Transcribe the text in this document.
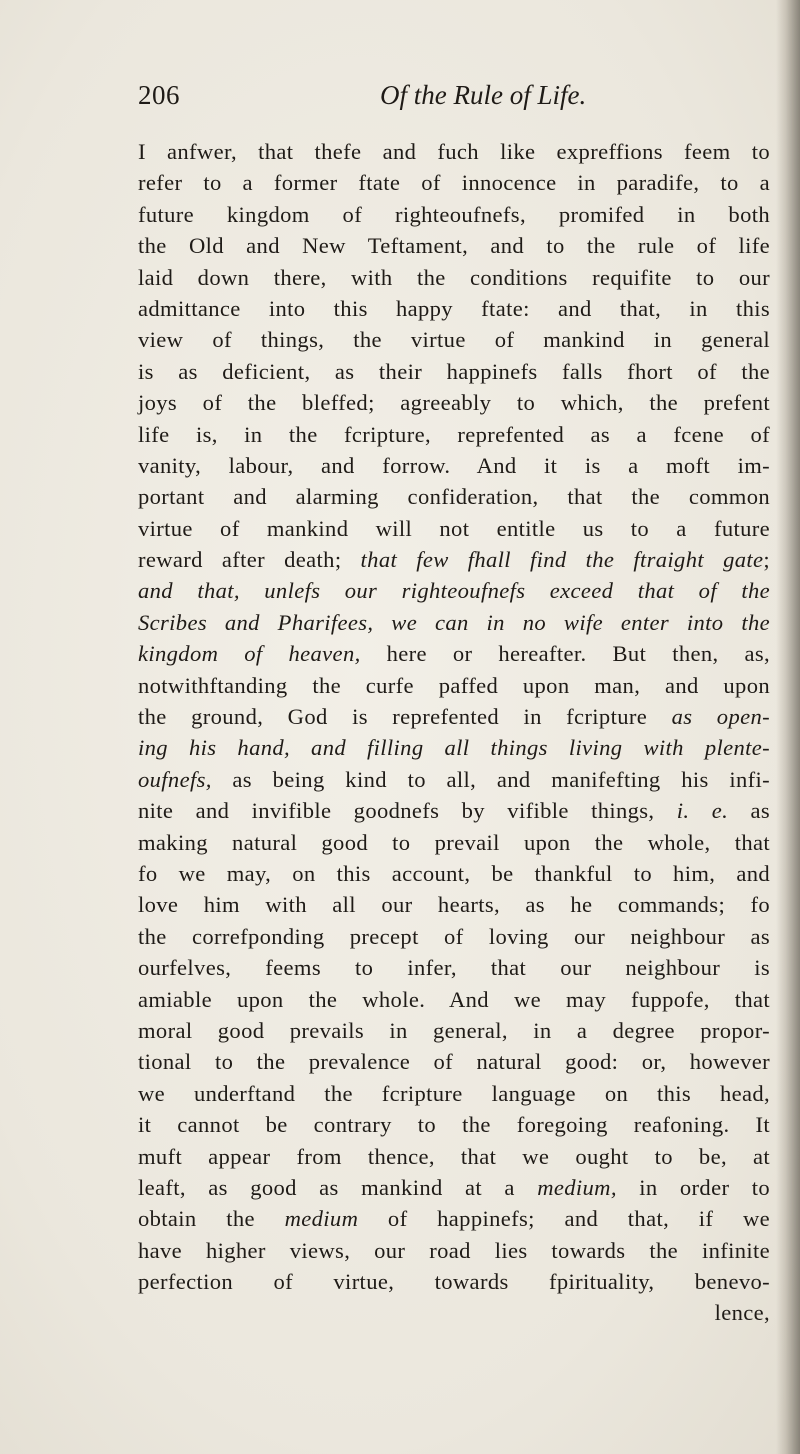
206	Of the Rule of Life.
I anfwer, that thefe and fuch like expreffions feem to
refer to a former ftate of innocence in paradife, to a
future kingdom of righteoufnefs, promifed in both
the Old and New Teftament, and to the rule of life
laid down there, with the conditions requifite to our
admittance into this happy ftate: and that, in this
view of things, the virtue of mankind in general
is as deficient, as their happinefs falls fhort of the
joys of the bleffed; agreeably to which, the prefent
life is, in the fcripture, reprefented as a fcene of
vanity, labour, and forrow. And it is a moft im-
portant and alarming confideration, that the common
virtue of mankind will not entitle us to a future
reward after death; that few fhall find the ftraight gate;
and that, unlefs our righteoufnefs exceed that of the
Scribes and Pharifees, we can in no wife enter into the
kingdom of heaven, here or hereafter. But then, as,
notwithftanding the curfe paffed upon man, and upon
the ground, God is reprefented in fcripture as open-
ing his hand, and filling all things living with plente-
oufnefs, as being kind to all, and manifefting his infi-
nite and invifible goodnefs by vifible things, i. e. as
making natural good to prevail upon the whole, that
fo we may, on this account, be thankful to him, and
love him with all our hearts, as he commands; fo
the correfponding precept of loving our neighbour as
ourfelves, feems to infer, that our neighbour is
amiable upon the whole. And we may fuppofe, that
moral good prevails in general, in a degree propor-
tional to the prevalence of natural good: or, however
we underftand the fcripture language on this head,
it cannot be contrary to the foregoing reafoning. It
muft appear from thence, that we ought to be, at
leaft, as good as mankind at a medium, in order to
obtain the medium of happinefs; and that, if we
have higher views, our road lies towards the infinite
perfection of virtue, towards fpirituality, benevo-
lence,
